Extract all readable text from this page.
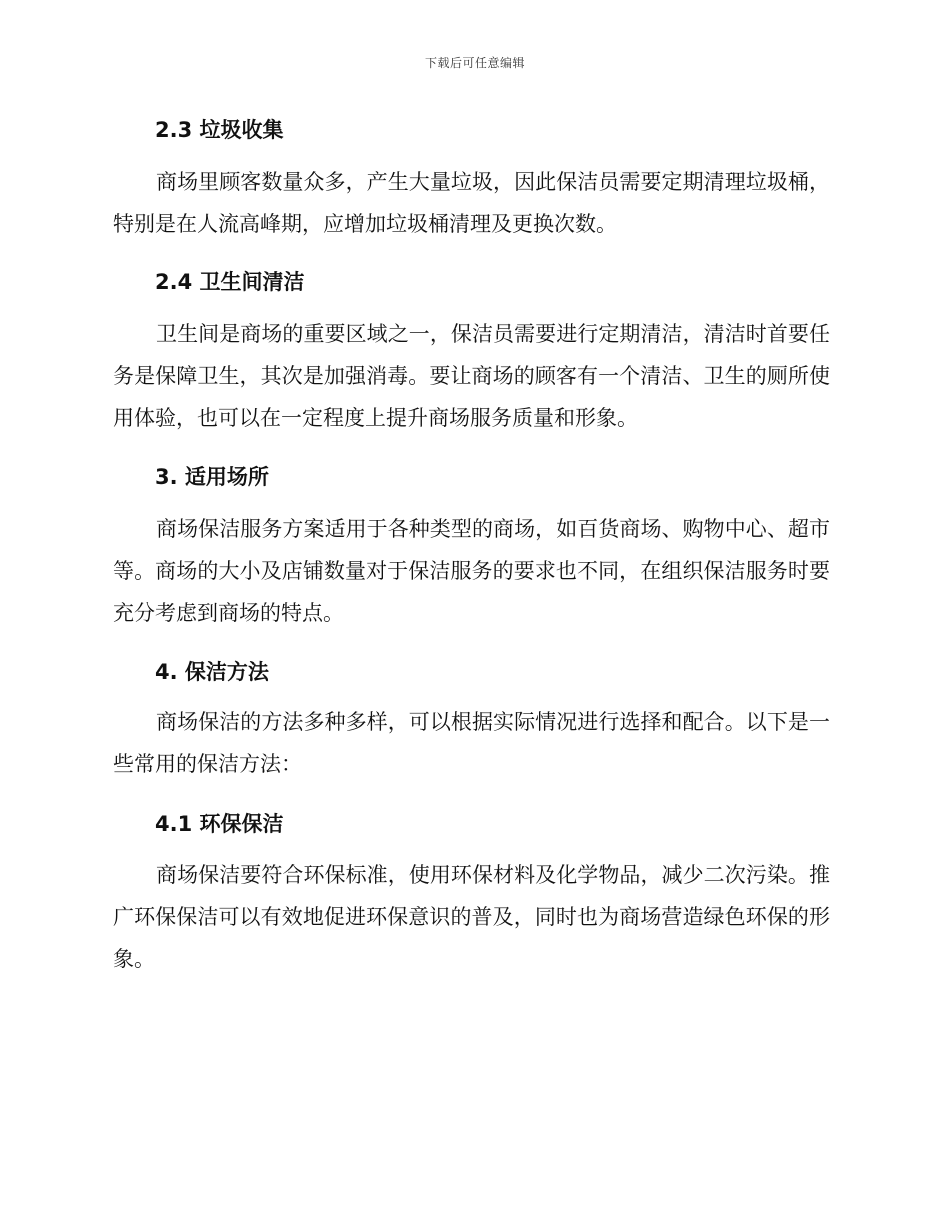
下载后可任意编辑
2.3 垃圾收集
商场里顾客数量众多，产生大量垃圾，因此保洁员需要定期清理垃圾桶，特别是在人流高峰期，应增加垃圾桶清理及更换次数。
2.4 卫生间清洁
卫生间是商场的重要区域之一，保洁员需要进行定期清洁，清洁时首要任务是保障卫生，其次是加强消毒。要让商场的顾客有一个清洁、卫生的厕所使用体验，也可以在一定程度上提升商场服务质量和形象。
3. 适用场所
商场保洁服务方案适用于各种类型的商场，如百货商场、购物中心、超市等。商场的大小及店铺数量对于保洁服务的要求也不同，在组织保洁服务时要充分考虑到商场的特点。
4. 保洁方法
商场保洁的方法多种多样，可以根据实际情况进行选择和配合。以下是一些常用的保洁方法：
4.1 环保保洁
商场保洁要符合环保标准，使用环保材料及化学物品，减少二次污染。推广环保保洁可以有效地促进环保意识的普及，同时也为商场营造绿色环保的形象。
